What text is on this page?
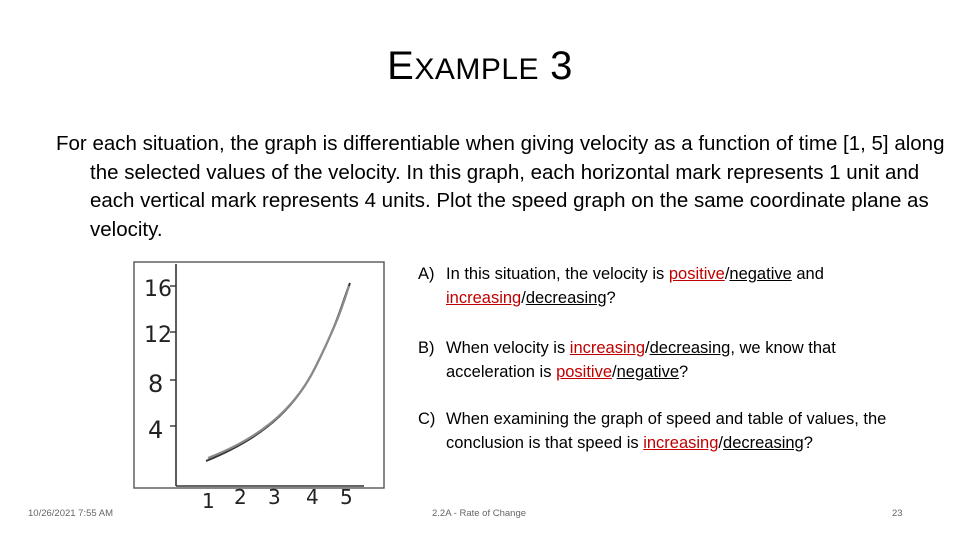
EXAMPLE 3
For each situation, the graph is differentiable when giving velocity as a function of time [1, 5] along the selected values of the velocity. In this graph, each horizontal mark represents 1 unit and each vertical mark represents 4 units. Plot the speed graph on the same coordinate plane as velocity.
16
12
8
4
1 2 3 4 5
A) In this situation, the velocity is positive/negative and increasing/decreasing?
B) When velocity is increasing/decreasing, we know that acceleration is positive/negative?
C) When examining the graph of speed and table of values, the conclusion is that speed is increasing/decreasing?
10/26/2021 7:55 AM	2.2A - Rate of Change	23
